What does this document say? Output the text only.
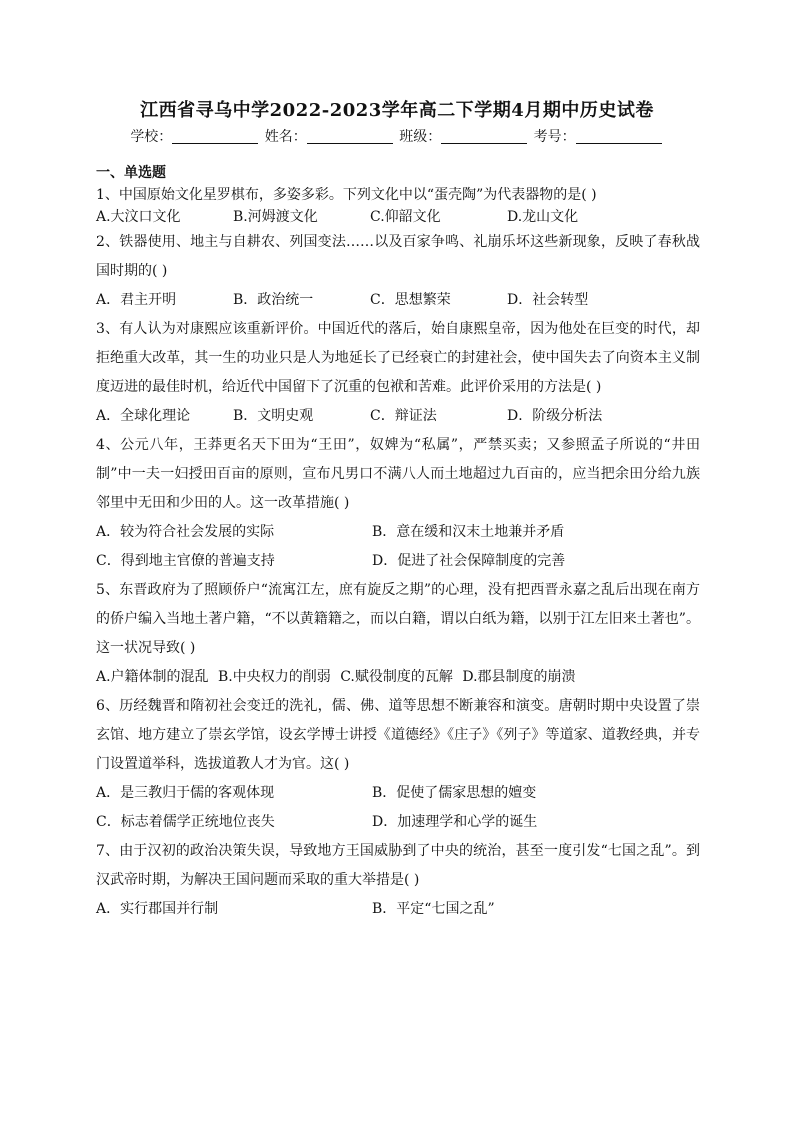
江西省寻乌中学2022-2023学年高二下学期4月期中历史试卷
学校：	姓名：	班级：	考号：
一、单选题
1、中国原始文化星罗棋布，多姿多彩。下列文化中以“蛋壳陶”为代表器物的是( )
A.大汶口文化	B.河姆渡文化	C.仰韶文化	D.龙山文化
2、铁器使用、地主与自耕农、列国变法……以及百家争鸣、礼崩乐坏这些新现象，反映了春秋战国时期的( )
A．君主开明	B．政治统一	C．思想繁荣	D．社会转型
3、有人认为对康熙应该重新评价。中国近代的落后，始自康熙皇帝，因为他处在巨变的时代，却拒绝重大改革，其一生的功业只是人为地延长了已经衰亡的封建社会，使中国失去了向资本主义制度迈进的最佳时机，给近代中国留下了沉重的包袱和苦难。此评价采用的方法是( )
A．全球化理论	B．文明史观	C．辩证法	D．阶级分析法
4、公元八年，王莽更名天下田为“王田”，奴婢为“私属”，严禁买卖；又参照孟子所说的“井田制”中一夫一妇授田百亩的原则，宣布凡男口不满八人而土地超过九百亩的，应当把余田分给九族邻里中无田和少田的人。这一改革措施( )
A．较为符合社会发展的实际	B．意在缓和汉末土地兼并矛盾
C．得到地主官僚的普遍支持	D．促进了社会保障制度的完善
5、东晋政府为了照顾侨户“流寓江左，庶有旋反之期”的心理，没有把西晋永嘉之乱后出现在南方的侨户编入当地土著户籍，“不以黄籍籍之，而以白籍，谓以白纸为籍，以别于江左旧来土著也”。这一状况导致( )
A.户籍体制的混乱 B.中央权力的削弱 C.赋役制度的瓦解 D.郡县制度的崩溃
6、历经魏晋和隋初社会变迁的洗礼，儒、佛、道等思想不断兼容和演变。唐朝时期中央设置了崇玄馆、地方建立了崇玄学馆，设玄学博士讲授《道德经》《庄子》《列子》等道家、道教经典，并专门设置道举科，选拔道教人才为官。这( )
A．是三教归于儒的客观体现	B．促使了儒家思想的嬗变
C．标志着儒学正统地位丧失	D．加速理学和心学的诞生
7、由于汉初的政治决策失误，导致地方王国威胁到了中央的统治，甚至一度引发“七国之乱”。到汉武帝时期，为解决王国问题而采取的重大举措是( )
A．实行郡国并行制	B．平定“七国之乱”
